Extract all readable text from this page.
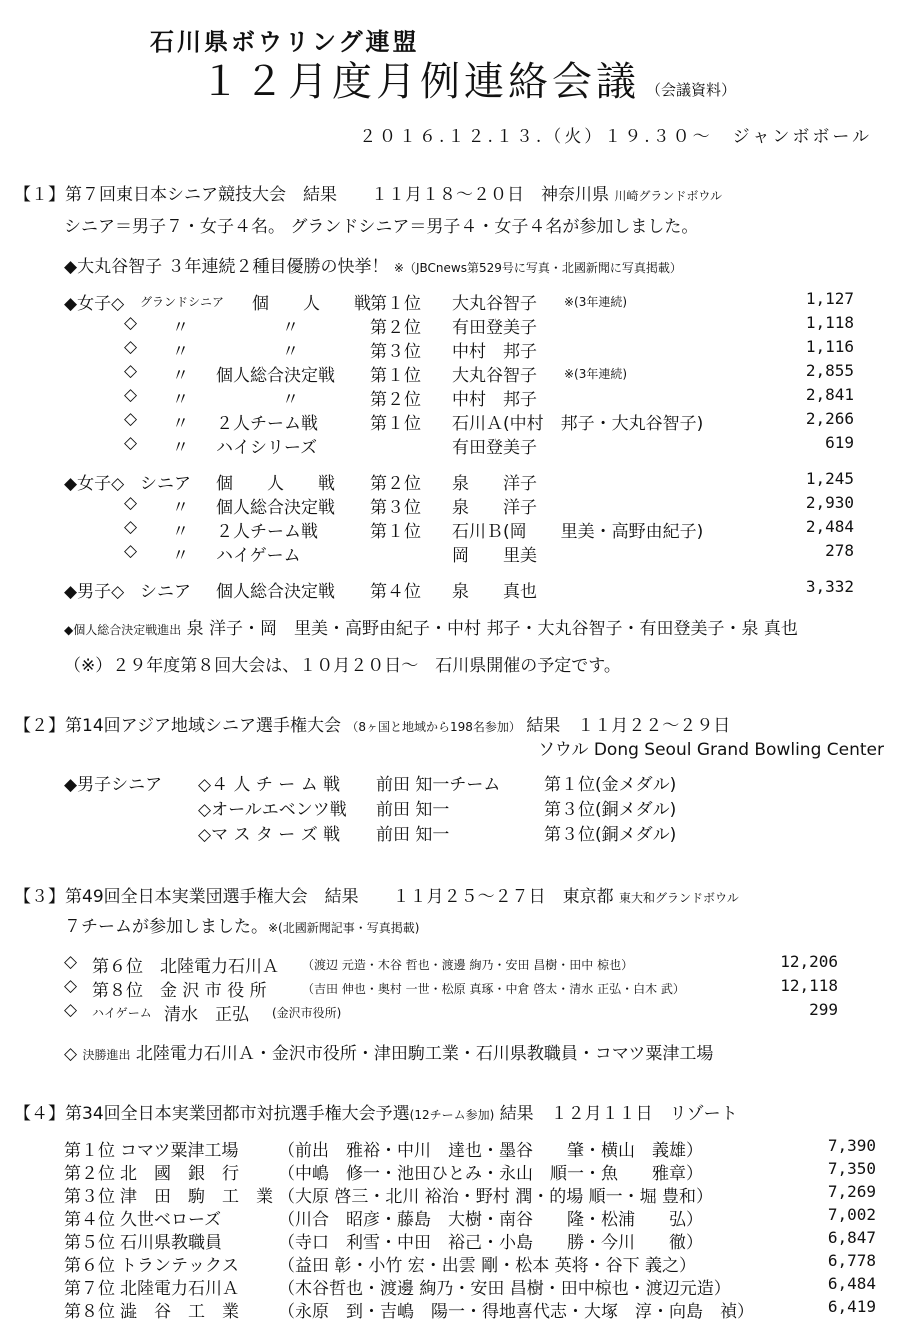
石川県ボウリング連盟
１２月度月例連絡会議 （会議資料）
２０１６.１２.１３.（火）１９.３０～　ジャンボボール
【１】第７回東日本シニア競技大会　結果　　１１月１８～２０日　神奈川県 川崎グランドボウル
シニア＝男子７・女子４名。 グランドシニア＝男子４・女子４名が参加しました。
◆大丸谷智子 ３年連続２種目優勝の快挙！ ※（JBCnews第529号に写真・北國新聞に写真掲載）
◆女子◇ グランドシニア 個　　人　　戦 第１位 大丸谷智子 ※(3年連続)	1,127
◇ 〃	〃	第２位 有田登美子	1,118
◇ 〃	〃	第３位 中村　邦子	1,116
◇ 〃 個人総合決定戦 第１位 大丸谷智子 ※(3年連続)	2,855
◇ 〃	〃	第２位 中村　邦子	2,841
◇ 〃 ２人チーム戦	第１位 石川Ａ(中村　邦子・大丸谷智子)	2,266
◇ 〃 ハイシリーズ	有田登美子	619
◆女子◇ シニア 個　　人　　戦 第２位 泉　　洋子	1,245
◇ 〃 個人総合決定戦 第３位 泉　　洋子	2,930
◇ 〃 ２人チーム戦	第１位 石川Ｂ(岡　　里美・高野由紀子)	2,484
◇ 〃 ハイゲーム	岡　　里美	278
◆男子◇ シニア 個人総合決定戦 第４位 泉　　真也	3,332
◆個人総合決定戦進出 泉 洋子・岡　里美・高野由紀子・中村 邦子・大丸谷智子・有田登美子・泉 真也
（※）２９年度第８回大会は、１０月２０日～　石川県開催の予定です。
【２】第14回アジア地域シニア選手権大会 （8ヶ国と地域から198名参加） 結果　１１月２２～２９日
ソウル Dong Seoul Grand Bowling Center
◆男子シニア ◇４ 人 チ ー ム 戦 前田 知一チーム	第１位(金メダル)
◇オールエベンツ戦 前田 知一	第３位(銅メダル)
◇マ ス タ ー ズ 戦 前田 知一	第３位(銅メダル)
【３】第49回全日本実業団選手権大会　結果　　１１月２５～２７日　東京都 東大和グランドボウル
７チームが参加しました。※(北國新聞記事・写真掲載)
◇ 第６位 北陸電力石川Ａ （渡辺 元造・木谷 哲也・渡邊 絢乃・安田 昌樹・田中 椋也）	12,206
◇ 第８位 金 沢 市 役 所	（吉田 伸也・奥村 一世・松原 真琢・中倉 啓太・清水 正弘・白木 武）	12,118
◇ ハイゲーム 清水　正弘 (金沢市役所)	299
◇ 決勝進出 北陸電力石川Ａ・金沢市役所・津田駒工業・石川県教職員・コマツ粟津工場
【４】第34回全日本実業団都市対抗選手権大会予選(12チーム参加) 結果　１２月１１日　リゾート
第１位 コマツ粟津工場 （前出　雅裕・中川　達也・墨谷　　肇・横山　義雄）	7,390
第２位 北　國　銀　行 （中嶋　修一・池田ひとみ・永山　順一・魚　　雅章）	7,350
第３位 津　田　駒　工　業 （大原 啓三・北川 裕治・野村 潤・的場 順一・堀 豊和）	7,269
第４位 久世ベローズ	（川合　昭彦・藤島　大樹・南谷　　隆・松浦　　弘）	7,002
第５位 石川県教職員	（寺口　利雪・中田　裕己・小島　　勝・今川　　徹）	6,847
第６位 トランテックス （益田 彰・小竹 宏・出雲 剛・松本 英将・谷下 義之）	6,778
第７位 北陸電力石川Ａ （木谷哲也・渡邊 絢乃・安田 昌樹・田中椋也・渡辺元造）	6,484
第８位 澁　谷　工　業 （永原　到・吉嶋　陽一・得地喜代志・大塚　淳・向島　禎）	6,419
